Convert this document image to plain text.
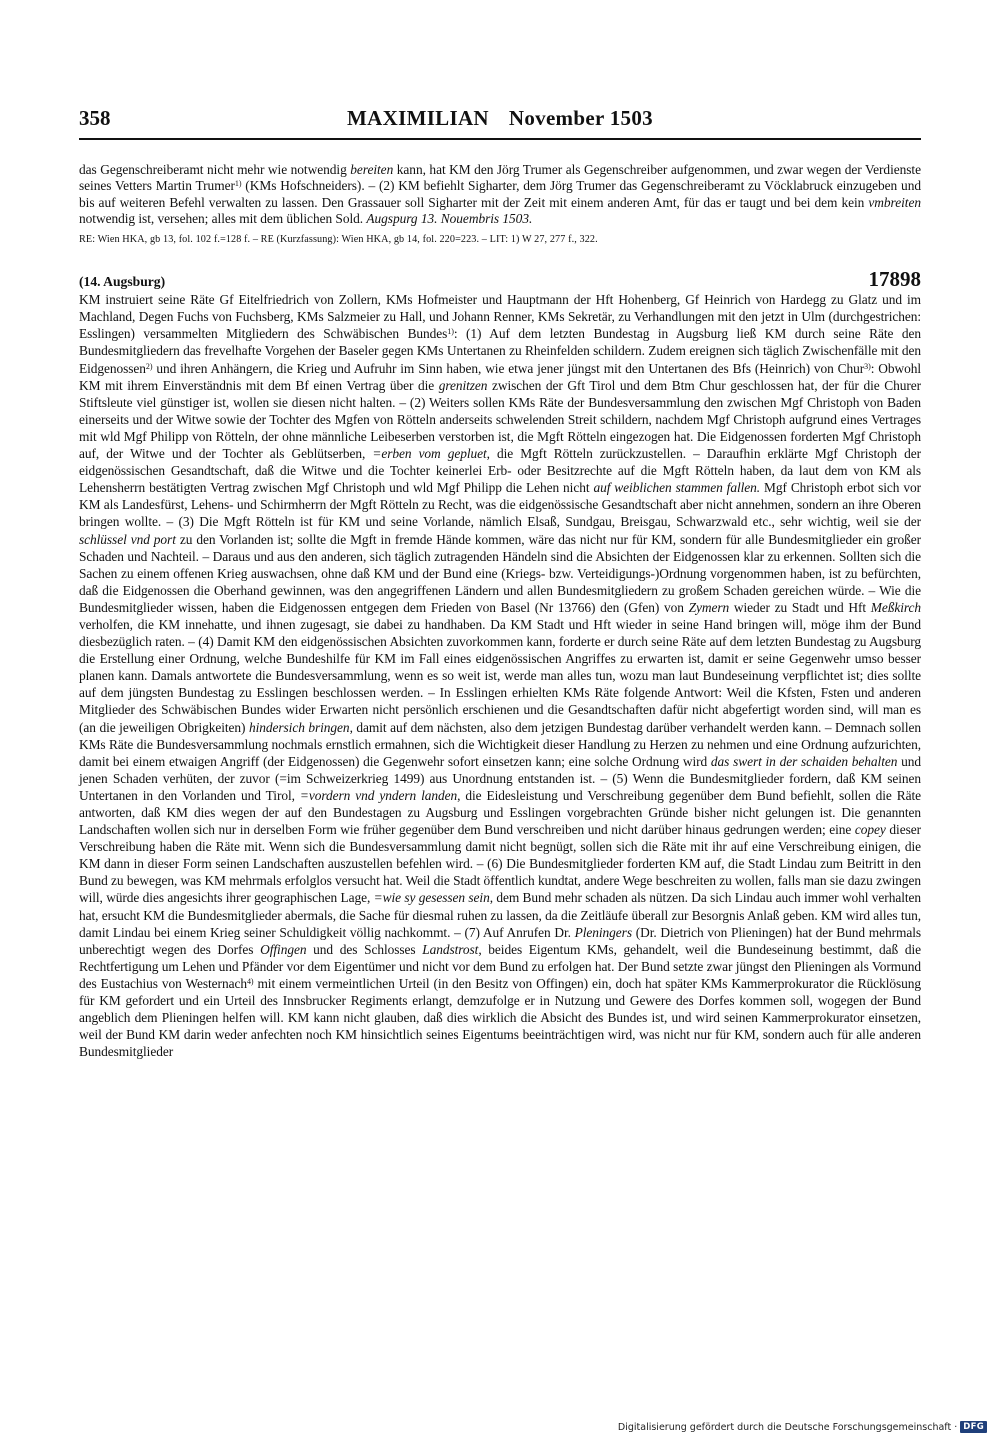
358	MAXIMILIAN November 1503

das Gegenschreiberamt nicht mehr wie notwendig bereiten kann, hat KM den Jörg Trumer als Gegenschreiber aufgenommen, und zwar wegen der Verdienste seines Vetters Martin Trumer$^{1)}$ (KMs Hofschneiders). – (2) KM befiehlt Sigharter, dem Jörg Trumer das Gegenschreiberamt zu Vöcklabruck einzugeben und bis auf weiteren Befehl verwalten zu lassen. Den Grassauer soll Sigharter mit der Zeit mit einem anderen Amt, für das er taugt und bei dem kein vmbreiten notwendig ist, versehen; alles mit dem üblichen Sold. Augspurg 13. Nouembris 1503.

RE: Wien HKA, gb 13, fol. 102 f.=128 f. – RE (Kurzfassung): Wien HKA, gb 14, fol. 220=223. – LIT: 1) W 27, 277 f., 322.

(14. Augsburg)	17898

KM instruiert seine Räte Gf Eitelfriedrich von Zollern, KMs Hofmeister und Hauptmann der Hft Hohenberg, Gf Heinrich von Hardegg zu Glatz und im Machland, Degen Fuchs von Fuchsberg, KMs Salzmeier zu Hall, und Johann Renner, KMs Sekretär, zu Verhandlungen mit den jetzt in Ulm (durchgestrichen: Esslingen) versammelten Mitgliedern des Schwäbischen Bundes$^{1)}$: (1) Auf dem letzten Bundestag in Augsburg ließ KM durch seine Räte den Bundesmitgliedern das frevelhafte Vorgehen der Baseler gegen KMs Untertanen zu Rheinfelden schildern. Zudem ereignen sich täglich Zwischenfälle mit den Eidgenossen$^{2)}$ und ihren Anhängern, die Krieg und Aufruhr im Sinn haben, wie etwa jener jüngst mit den Untertanen des Bfs (Heinrich) von Chur$^{3)}$: Obwohl KM mit ihrem Einverständnis mit dem Bf einen Vertrag über die grenitzen zwischen der Gft Tirol und dem Btm Chur geschlossen hat, der für die Churer Stiftsleute viel günstiger ist, wollen sie diesen nicht halten. – (2) Weiters sollen KMs Räte der Bundesversammlung den zwischen Mgf Christoph von Baden einerseits und der Witwe sowie der Tochter des Mgfen von Rötteln anderseits schwelenden Streit schildern, nachdem Mgf Christoph aufgrund eines Vertrages mit wld Mgf Philipp von Rötteln, der ohne männliche Leibeserben verstorben ist, die Mgft Rötteln eingezogen hat. Die Eidgenossen forderten Mgf Christoph auf, der Witwe und der Tochter als Geblütserben, =erben vom gepluet, die Mgft Rötteln zurückzustellen. – Daraufhin erklärte Mgf Christoph der eidgenössischen Gesandtschaft, daß die Witwe und die Tochter keinerlei Erb- oder Besitzrechte auf die Mgft Rötteln haben, da laut dem von KM als Lehensherrn bestätigten Vertrag zwischen Mgf Christoph und wld Mgf Philipp die Lehen nicht auf weiblichen stammen fallen. Mgf Christoph erbot sich vor KM als Landesfürst, Lehens- und Schirmherrn der Mgft Rötteln zu Recht, was die eidgenössische Gesandtschaft aber nicht annehmen, sondern an ihre Oberen bringen wollte. – (3) Die Mgft Rötteln ist für KM und seine Vorlande, nämlich Elsaß, Sundgau, Breisgau, Schwarzwald etc., sehr wichtig, weil sie der schlüssel vnd port zu den Vorlanden ist; sollte die Mgft in fremde Hände kommen, wäre das nicht nur für KM, sondern für alle Bundesmitglieder ein großer Schaden und Nachteil. – Daraus und aus den anderen, sich täglich zutragenden Händeln sind die Absichten der Eidgenossen klar zu erkennen. Sollten sich die Sachen zu einem offenen Krieg auswachsen, ohne daß KM und der Bund eine (Kriegs- bzw. Verteidigungs-)Ordnung vorgenommen haben, ist zu befürchten, daß die Eidgenossen die Oberhand gewinnen, was den angegriffenen Ländern und allen Bundesmitgliedern zu großem Schaden gereichen würde. – Wie die Bundesmitglieder wissen, haben die Eidgenossen entgegen dem Frieden von Basel (Nr 13766) den (Gfen) von Zymern wieder zu Stadt und Hft Meßkirch verholfen, die KM innehatte, und ihnen zugesagt, sie dabei zu handhaben. Da KM Stadt und Hft wieder in seine Hand bringen will, möge ihm der Bund diesbezüglich raten. – (4) Damit KM den eidgenössischen Absichten zuvorkommen kann, forderte er durch seine Räte auf dem letzten Bundestag zu Augsburg die Erstellung einer Ordnung, welche Bundeshilfe für KM im Fall eines eidgenössischen Angriffes zu erwarten ist, damit er seine Gegenwehr umso besser planen kann. Damals antwortete die Bundesversammlung, wenn es so weit ist, werde man alles tun, wozu man laut Bundeseinung verpflichtet ist; dies sollte auf dem jüngsten Bundestag zu Esslingen beschlossen werden. – In Esslingen erhielten KMs Räte folgende Antwort: Weil die Kfsten, Fsten und anderen Mitglieder des Schwäbischen Bundes wider Erwarten nicht persönlich erschienen und die Gesandtschaften dafür nicht abgefertigt worden sind, will man es (an die jeweiligen Obrigkeiten) hindersich bringen, damit auf dem nächsten, also dem jetzigen Bundestag darüber verhandelt werden kann. – Demnach sollen KMs Räte die Bundesversammlung nochmals ernstlich ermahnen, sich die Wichtigkeit dieser Handlung zu Herzen zu nehmen und eine Ordnung aufzurichten, damit bei einem etwaigen Angriff (der Eidgenossen) die Gegenwehr sofort einsetzen kann; eine solche Ordnung wird das swert in der schaiden behalten und jenen Schaden verhüten, der zuvor (=im Schweizerkrieg 1499) aus Unordnung entstanden ist. – (5) Wenn die Bundesmitglieder fordern, daß KM seinen Untertanen in den Vorlanden und Tirol, =vordern vnd yndern landen, die Eidesleistung und Verschreibung gegenüber dem Bund befiehlt, sollen die Räte antworten, daß KM dies wegen der auf den Bundestagen zu Augsburg und Esslingen vorgebrachten Gründe bisher nicht gelungen ist. Die genannten Landschaften wollen sich nur in derselben Form wie früher gegenüber dem Bund verschreiben und nicht darüber hinaus gedrungen werden; eine copey dieser Verschreibung haben die Räte mit. Wenn sich die Bundesversammlung damit nicht begnügt, sollen sich die Räte mit ihr auf eine Verschreibung einigen, die KM dann in dieser Form seinen Landschaften auszustellen befehlen wird. – (6) Die Bundesmitglieder forderten KM auf, die Stadt Lindau zum Beitritt in den Bund zu bewegen, was KM mehrmals erfolglos versucht hat. Weil die Stadt öffentlich kundtat, andere Wege beschreiten zu wollen, falls man sie dazu zwingen will, würde dies angesichts ihrer geographischen Lage, =wie sy gesessen sein, dem Bund mehr schaden als nützen. Da sich Lindau auch immer wohl verhalten hat, ersucht KM die Bundesmitglieder abermals, die Sache für diesmal ruhen zu lassen, da die Zeitläufe überall zur Besorgnis Anlaß geben. KM wird alles tun, damit Lindau bei einem Krieg seiner Schuldigkeit völlig nachkommt. – (7) Auf Anrufen Dr. Pleningers (Dr. Dietrich von Plieningen) hat der Bund mehrmals unberechtigt wegen des Dorfes Offingen und des Schlosses Landstrost, beides Eigentum KMs, gehandelt, weil die Bundeseinung bestimmt, daß die Rechtfertigung um Lehen und Pfänder vor dem Eigentümer und nicht vor dem Bund zu erfolgen hat. Der Bund setzte zwar jüngst den Plieningen als Vormund des Eustachius von Westernach$^{4)}$ mit einem vermeintlichen Urteil (in den Besitz von Offingen) ein, doch hat später KMs Kammerprokurator die Rücklösung für KM gefordert und ein Urteil des Innsbrucker Regiments erlangt, demzufolge er in Nutzung und Gewere des Dorfes kommen soll, wogegen der Bund angeblich dem Plieningen helfen will. KM kann nicht glauben, daß dies wirklich die Absicht des Bundes ist, und wird seinen Kammerprokurator einsetzen, weil der Bund KM darin weder anfechten noch KM hinsichtlich seines Eigentums beeinträchtigen wird, was nicht nur für KM, sondern auch für alle anderen Bundesmitglieder

Digitalisierung gefördert durch die Deutsche Forschungsgemeinschaft · DFG
